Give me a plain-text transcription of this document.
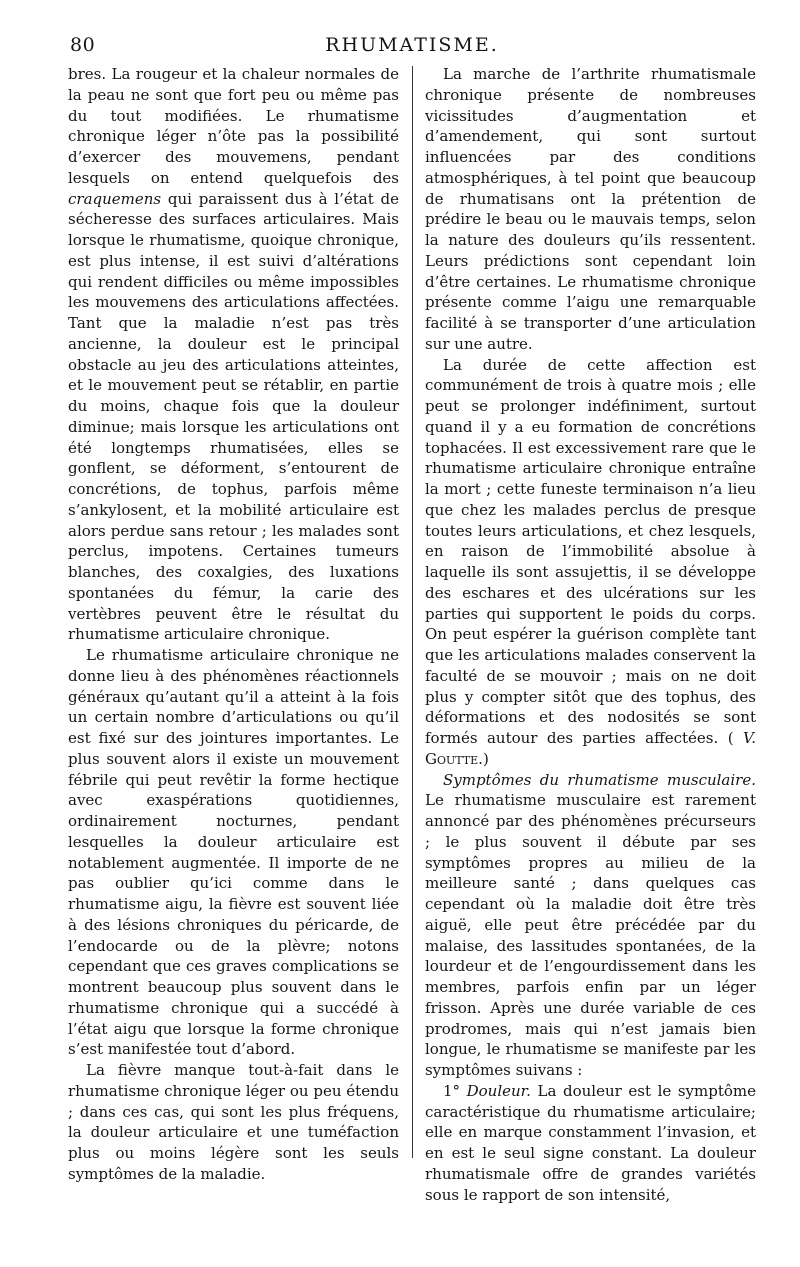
80	RHUMATISME.

bres. La rougeur et la chaleur normales de la peau ne sont que fort peu ou même pas du tout modifiées. Le rhumatisme chronique léger n’ôte pas la possibilité d’exercer des mouvemens, pendant lesquels on entend quelquefois des craquemens qui paraissent dus à l’état de sécheresse des surfaces articulaires. Mais lorsque le rhumatisme, quoique chronique, est plus intense, il est suivi d’altérations qui rendent difficiles ou même impossibles les mouvemens des articulations affectées. Tant que la maladie n’est pas très ancienne, la douleur est le principal obstacle au jeu des articulations atteintes, et le mouvement peut se rétablir, en partie du moins, chaque fois que la douleur diminue; mais lorsque les articulations ont été longtemps rhumatisées, elles se gonflent, se déforment, s’entourent de concrétions, de tophus, parfois même s’ankylosent, et la mobilité articulaire est alors perdue sans retour ; les malades sont perclus, impotens. Certaines tumeurs blanches, des coxalgies, des luxations spontanées du fémur, la carie des vertèbres peuvent être le résultat du rhumatisme articulaire chronique.

Le rhumatisme articulaire chronique ne donne lieu à des phénomènes réactionnels généraux qu’autant qu’il a atteint à la fois un certain nombre d’articulations ou qu’il est fixé sur des jointures importantes. Le plus souvent alors il existe un mouvement fébrile qui peut revêtir la forme hectique avec exaspérations quotidiennes, ordinairement nocturnes, pendant lesquelles la douleur articulaire est notablement augmentée. Il importe de ne pas oublier qu’ici comme dans le rhumatisme aigu, la fièvre est souvent liée à des lésions chroniques du péricarde, de l’endocarde ou de la plèvre; notons cependant que ces graves complications se montrent beaucoup plus souvent dans le rhumatisme chronique qui a succédé à l’état aigu que lorsque la forme chronique s’est manifestée tout d’abord.

La fièvre manque tout-à-fait dans le rhumatisme chronique léger ou peu étendu ; dans ces cas, qui sont les plus fréquens, la douleur articulaire et une tuméfaction plus ou moins légère sont les seuls symptômes de la maladie.

La marche de l’arthrite rhumatismale chronique présente de nombreuses vicissitudes d’augmentation et d’amendement, qui sont surtout influencées par des conditions atmosphériques, à tel point que beaucoup de rhumatisans ont la prétention de prédire le beau ou le mauvais temps, selon la nature des douleurs qu’ils ressentent. Leurs prédictions sont cependant loin d’être certaines. Le rhumatisme chronique présente comme l’aigu une remarquable facilité à se transporter d’une articulation sur une autre.

La durée de cette affection est communément de trois à quatre mois ; elle peut se prolonger indéfiniment, surtout quand il y a eu formation de concrétions tophacées. Il est excessivement rare que le rhumatisme articulaire chronique entraîne la mort ; cette funeste terminaison n’a lieu que chez les malades perclus de presque toutes leurs articulations, et chez lesquels, en raison de l’immobilité absolue à laquelle ils sont assujettis, il se développe des eschares et des ulcérations sur les parties qui supportent le poids du corps. On peut espérer la guérison complète tant que les articulations malades conservent la faculté de se mouvoir ; mais on ne doit plus y compter sitôt que des tophus, des déformations et des nodosités se sont formés autour des parties affectées. ( V. Goutte.)

Symptômes du rhumatisme musculaire. Le rhumatisme musculaire est rarement annoncé par des phénomènes précurseurs ; le plus souvent il débute par ses symptômes propres au milieu de la meilleure santé ; dans quelques cas cependant où la maladie doit être très aiguë, elle peut être précédée par du malaise, des lassitudes spontanées, de la lourdeur et de l’engourdissement dans les membres, parfois enfin par un léger frisson. Après une durée variable de ces prodromes, mais qui n’est jamais bien longue, le rhumatisme se manifeste par les symptômes suivans :

1° Douleur. La douleur est le symptôme caractéristique du rhumatisme articulaire; elle en marque constamment l’invasion, et en est le seul signe constant. La douleur rhumatismale offre de grandes variétés sous le rapport de son intensité,
